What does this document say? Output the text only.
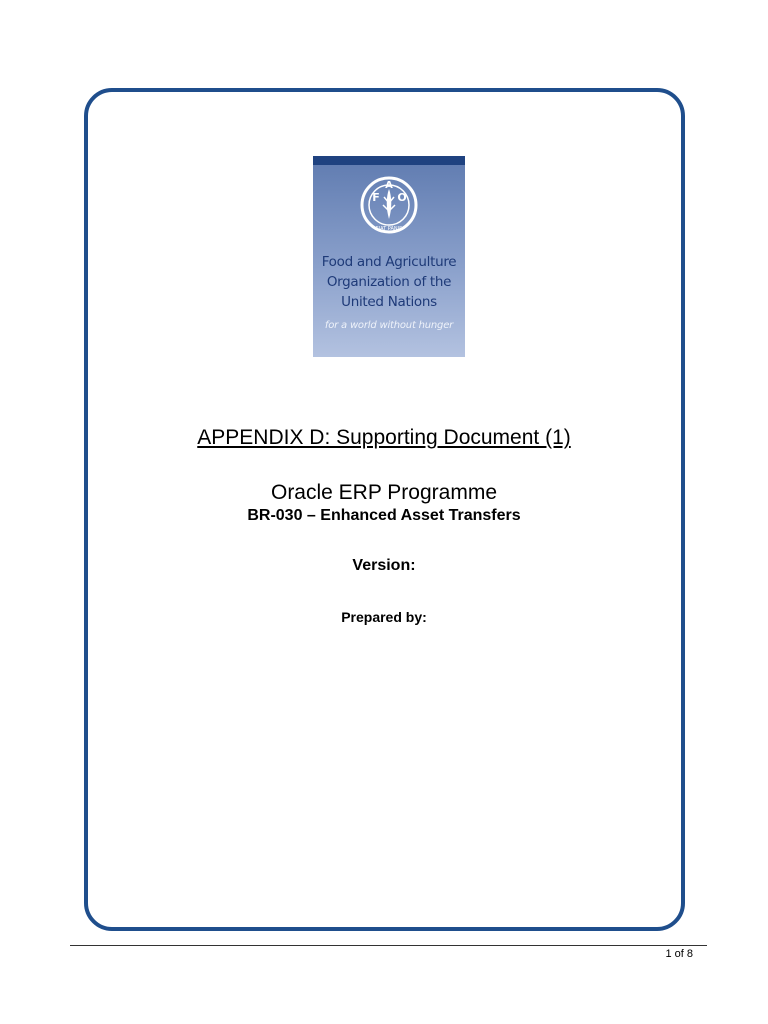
F
A
O
FIAT PANIS
Food and Agriculture
Organization of the
United Nations
for a world without hunger
APPENDIX D: Supporting Document (1)
Oracle ERP Programme
BR-030 – Enhanced Asset Transfers
Version:
Prepared by:
1 of 8
